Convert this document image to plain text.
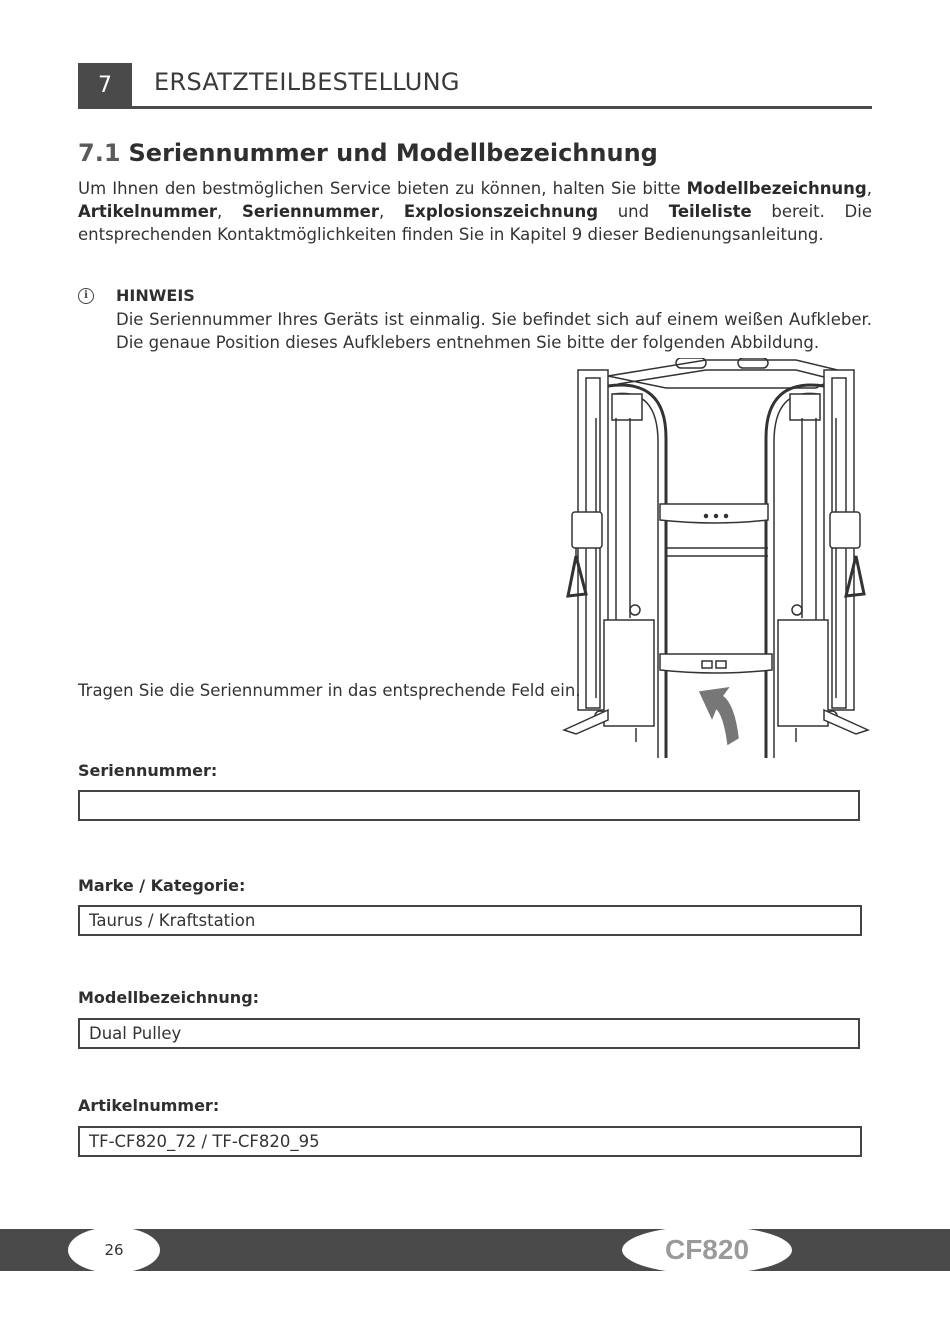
7	ERSATZTEILBESTELLUNG
7.1 Seriennummer und Modellbezeichnung
Um Ihnen den bestmöglichen Service bieten zu können, halten Sie bitte Modellbezeichnung, Artikelnummer, Seriennummer, Explosionszeichnung und Teileliste bereit. Die entsprechenden Kontaktmöglichkeiten finden Sie in Kapitel 9 dieser Bedienungsanleitung.
i	HINWEIS
Die Seriennummer Ihres Geräts ist einmalig. Sie befindet sich auf einem weißen Aufkleber. Die genaue Position dieses Aufklebers entnehmen Sie bitte der folgenden Abbildung.
Tragen Sie die Seriennummer in das entsprechende Feld ein.
Seriennummer:
Marke / Kategorie:
Taurus / Kraftstation
Modellbezeichnung:
Dual Pulley
Artikelnummer:
TF-CF820_72 / TF-CF820_95
26	CF820
